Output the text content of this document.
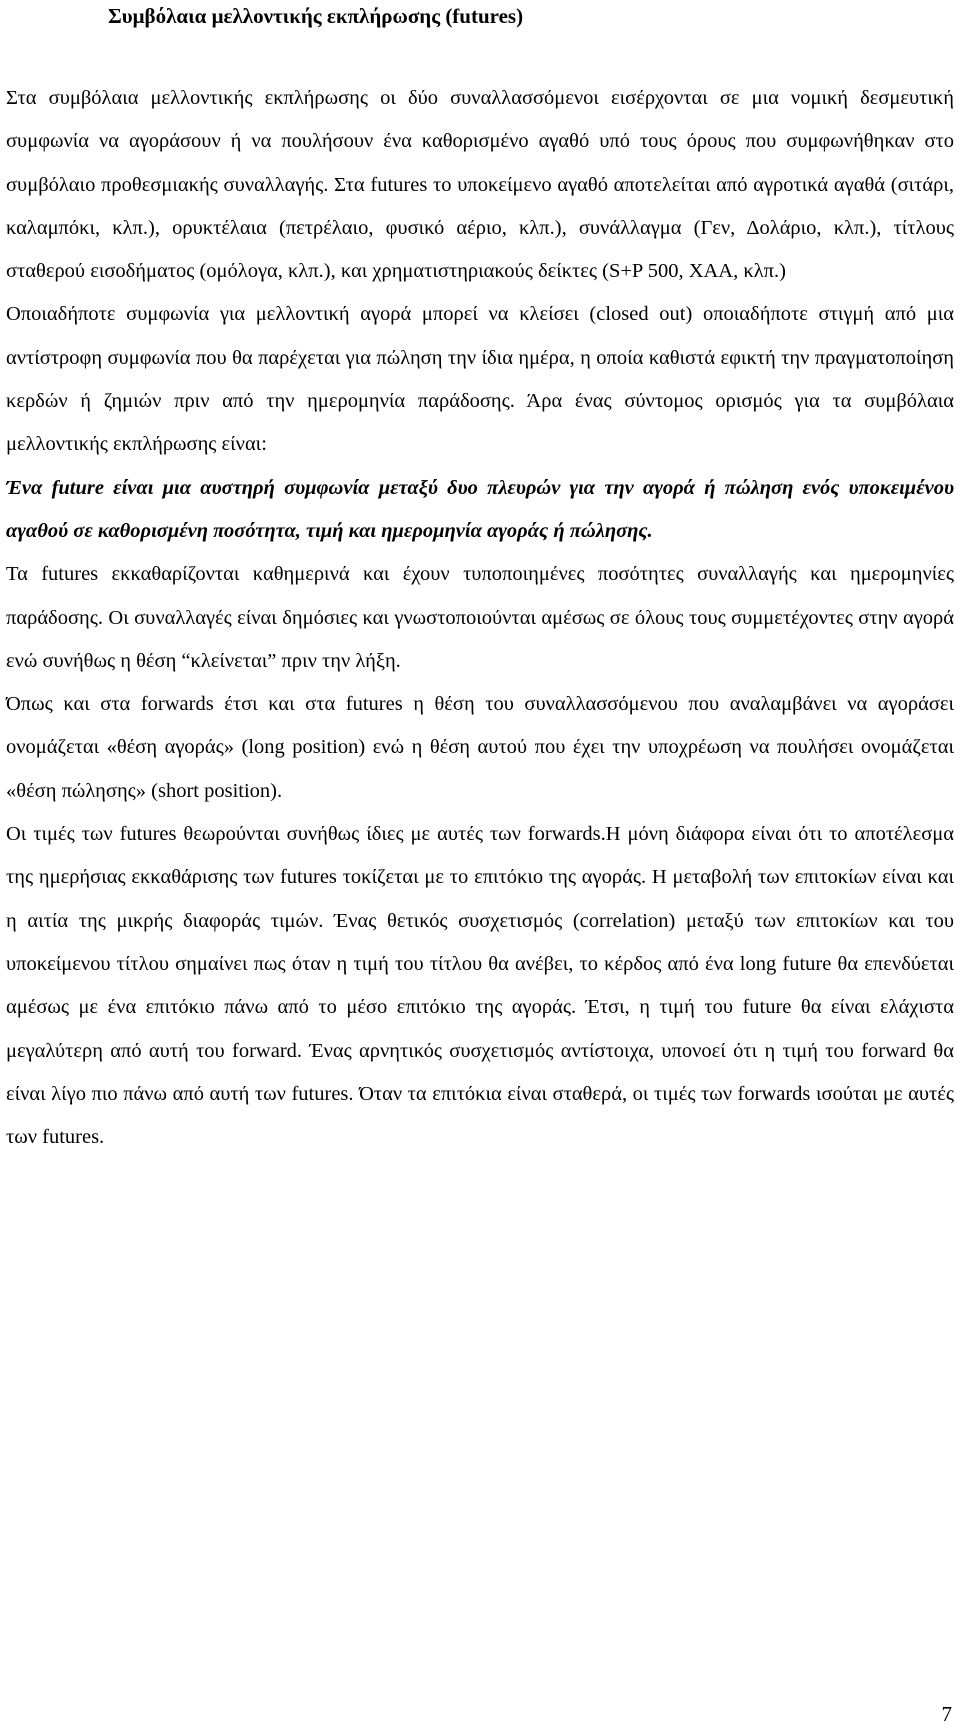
Συμβόλαια μελλοντικής εκπλήρωσης (futures)

Στα συμβόλαια μελλοντικής εκπλήρωσης οι δύο συναλλασσόμενοι εισέρχονται σε μια νομική δεσμευτική συμφωνία να αγοράσουν ή να πουλήσουν ένα καθορισμένο αγαθό υπό τους όρους που συμφωνήθηκαν στο συμβόλαιο προθεσμιακής συναλλαγής. Στα futures το υποκείμενο αγαθό αποτελείται από αγροτικά αγαθά (σιτάρι, καλαμπόκι, κλπ.), ορυκτέλαια (πετρέλαιο, φυσικό αέριο, κλπ.), συνάλλαγμα (Γεν, Δολάριο, κλπ.), τίτλους σταθερού εισοδήματος (ομόλογα, κλπ.), και χρηματιστηριακούς δείκτες (S+P 500, ΧΑΑ, κλπ.)

Οποιαδήποτε συμφωνία για μελλοντική αγορά μπορεί να κλείσει (closed out) οποιαδήποτε στιγμή από μια αντίστροφη συμφωνία που θα παρέχεται για πώληση την ίδια ημέρα, η οποία καθιστά εφικτή την πραγματοποίηση κερδών ή ζημιών πριν από την ημερομηνία παράδοσης. Άρα ένας σύντομος ορισμός για τα συμβόλαια μελλοντικής εκπλήρωσης είναι:

Ένα future είναι μια αυστηρή συμφωνία μεταξύ δυο πλευρών για την αγορά ή πώληση ενός υποκειμένου αγαθού σε καθορισμένη ποσότητα, τιμή και ημερομηνία αγοράς ή πώλησης.

Τα futures εκκαθαρίζονται καθημερινά και έχουν τυποποιημένες ποσότητες συναλλαγής και ημερομηνίες παράδοσης. Οι συναλλαγές είναι δημόσιες και γνωστοποιούνται αμέσως σε όλους τους συμμετέχοντες στην αγορά ενώ συνήθως η θέση “κλείνεται” πριν την λήξη.

Όπως και στα forwards έτσι και στα futures η θέση του συναλλασσόμενου που αναλαμβάνει να αγοράσει ονομάζεται «θέση αγοράς» (long position) ενώ η θέση αυτού που έχει την υποχρέωση να πουλήσει ονομάζεται «θέση πώλησης» (short position).

Οι τιμές των futures θεωρούνται συνήθως ίδιες με αυτές των forwards.Η μόνη διάφορα είναι ότι το αποτέλεσμα της ημερήσιας εκκαθάρισης των futures τοκίζεται με το επιτόκιο της αγοράς. Η μεταβολή των επιτοκίων είναι και η αιτία της μικρής διαφοράς τιμών. Ένας θετικός συσχετισμός (correlation) μεταξύ των επιτοκίων και του υποκείμενου τίτλου σημαίνει πως όταν η τιμή του τίτλου θα ανέβει, το κέρδος από ένα long future θα επενδύεται αμέσως με ένα επιτόκιο πάνω από το μέσο επιτόκιο της αγοράς. Έτσι, η τιμή του future θα είναι ελάχιστα μεγαλύτερη από αυτή του forward. Ένας αρνητικός συσχετισμός αντίστοιχα, υπονοεί ότι η τιμή του forward θα είναι λίγο πιο πάνω από αυτή των futures. Όταν τα επιτόκια είναι σταθερά, οι τιμές των forwards ισούται με αυτές των futures.

7
